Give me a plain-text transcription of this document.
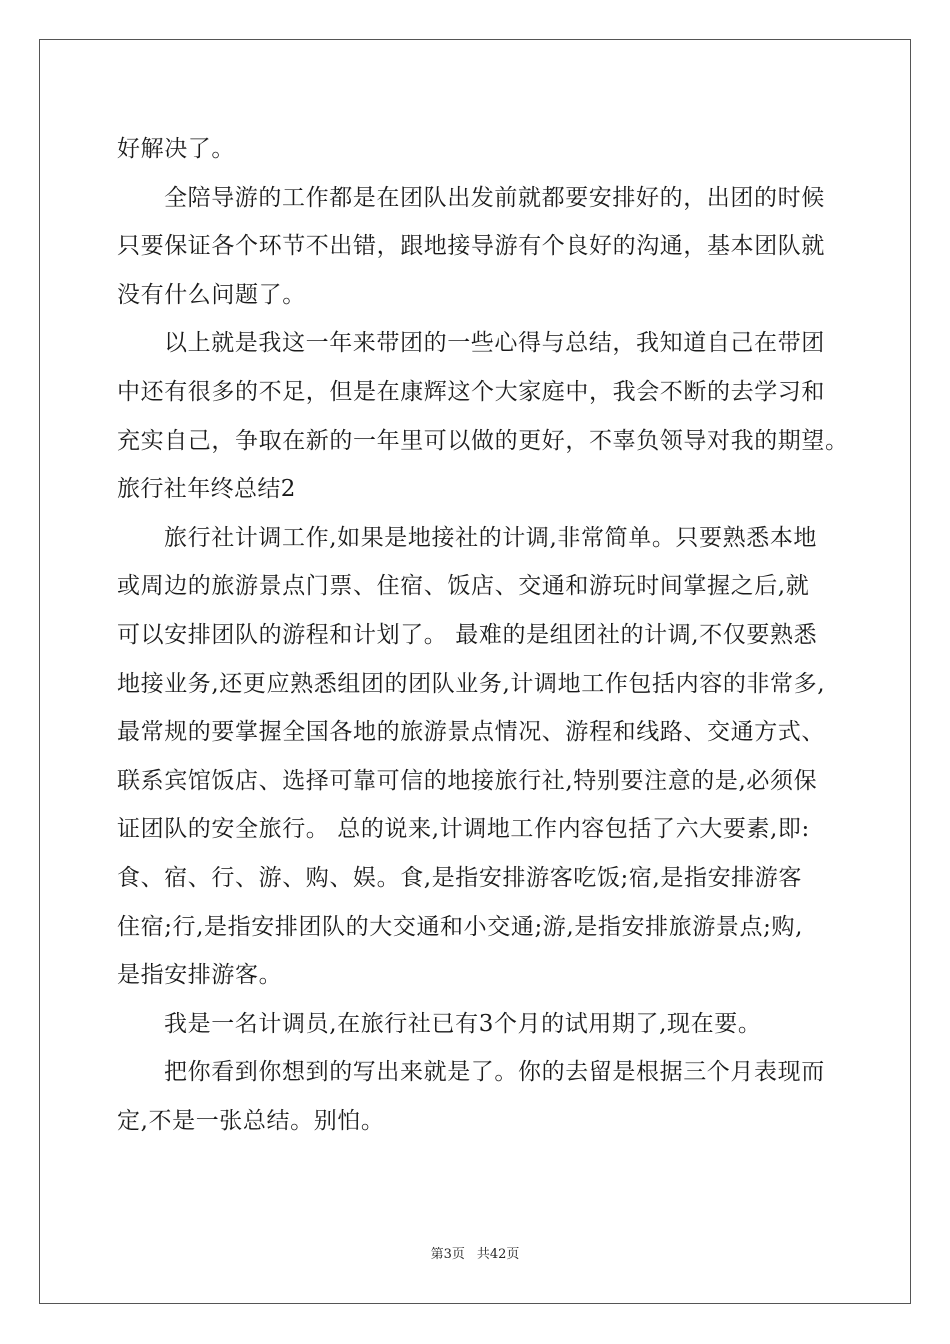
好解决了。
全陪导游的工作都是在团队出发前就都要安排好的，出团的时候
只要保证各个环节不出错，跟地接导游有个良好的沟通，基本团队就
没有什么问题了。
以上就是我这一年来带团的一些心得与总结，我知道自己在带团
中还有很多的不足，但是在康辉这个大家庭中，我会不断的去学习和
充实自己，争取在新的一年里可以做的更好，不辜负领导对我的期望。
旅行社年终总结2
旅行社计调工作,如果是地接社的计调,非常简单。只要熟悉本地
或周边的旅游景点门票、住宿、饭店、交通和游玩时间掌握之后,就
可以安排团队的游程和计划了。 最难的是组团社的计调,不仅要熟悉
地接业务,还更应熟悉组团的团队业务,计调地工作包括内容的非常多,
最常规的要掌握全国各地的旅游景点情况、游程和线路、交通方式、
联系宾馆饭店、选择可靠可信的地接旅行社,特别要注意的是,必须保
证团队的安全旅行。 总的说来,计调地工作内容包括了六大要素,即:
食、宿、行、游、购、娱。食,是指安排游客吃饭;宿,是指安排游客
住宿;行,是指安排团队的大交通和小交通;游,是指安排旅游景点;购,
是指安排游客。
我是一名计调员,在旅行社已有3个月的试用期了,现在要。
把你看到你想到的写出来就是了。你的去留是根据三个月表现而
定,不是一张总结。别怕。
第3页 共42页
